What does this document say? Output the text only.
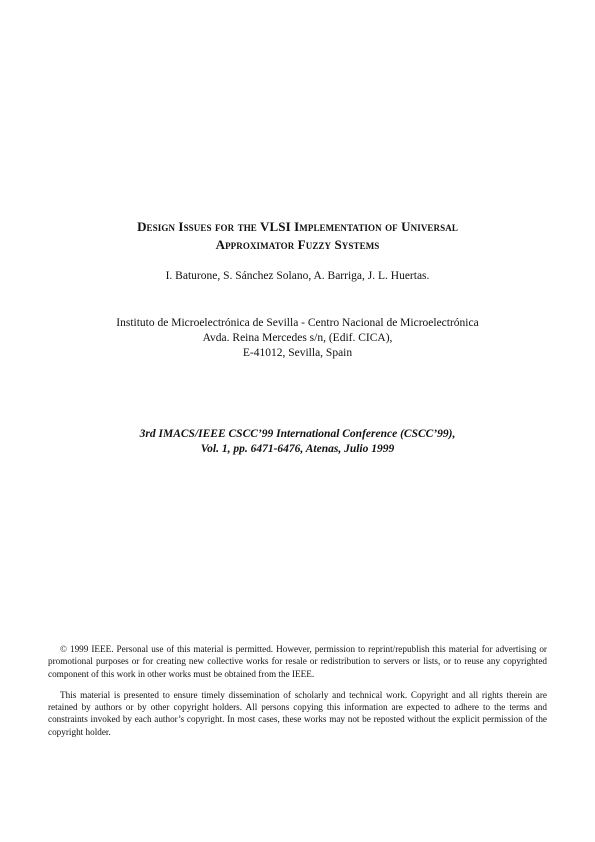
Design Issues for the VLSI Implementation of Universal
Approximator Fuzzy Systems
I. Baturone, S. Sánchez Solano, A. Barriga, J. L. Huertas.
Instituto de Microelectrónica de Sevilla - Centro Nacional de Microelectrónica
Avda. Reina Mercedes s/n, (Edif. CICA),
E-41012, Sevilla, Spain
3rd IMACS/IEEE CSCC’99 International Conference (CSCC’99),
Vol. 1, pp. 6471-6476, Atenas, Julio 1999

© 1999 IEEE. Personal use of this material is permitted. However, permission to reprint/republish this material for advertising or promotional purposes or for creating new collective works for resale or redistribution to servers or lists, or to reuse any copyrighted component of this work in other works must be obtained from the IEEE.

This material is presented to ensure timely dissemination of scholarly and technical work. Copyright and all rights therein are retained by authors or by other copyright holders. All persons copying this information are expected to adhere to the terms and constraints invoked by each author’s copyright. In most cases, these works may not be reposted without the explicit permission of the copyright holder.
